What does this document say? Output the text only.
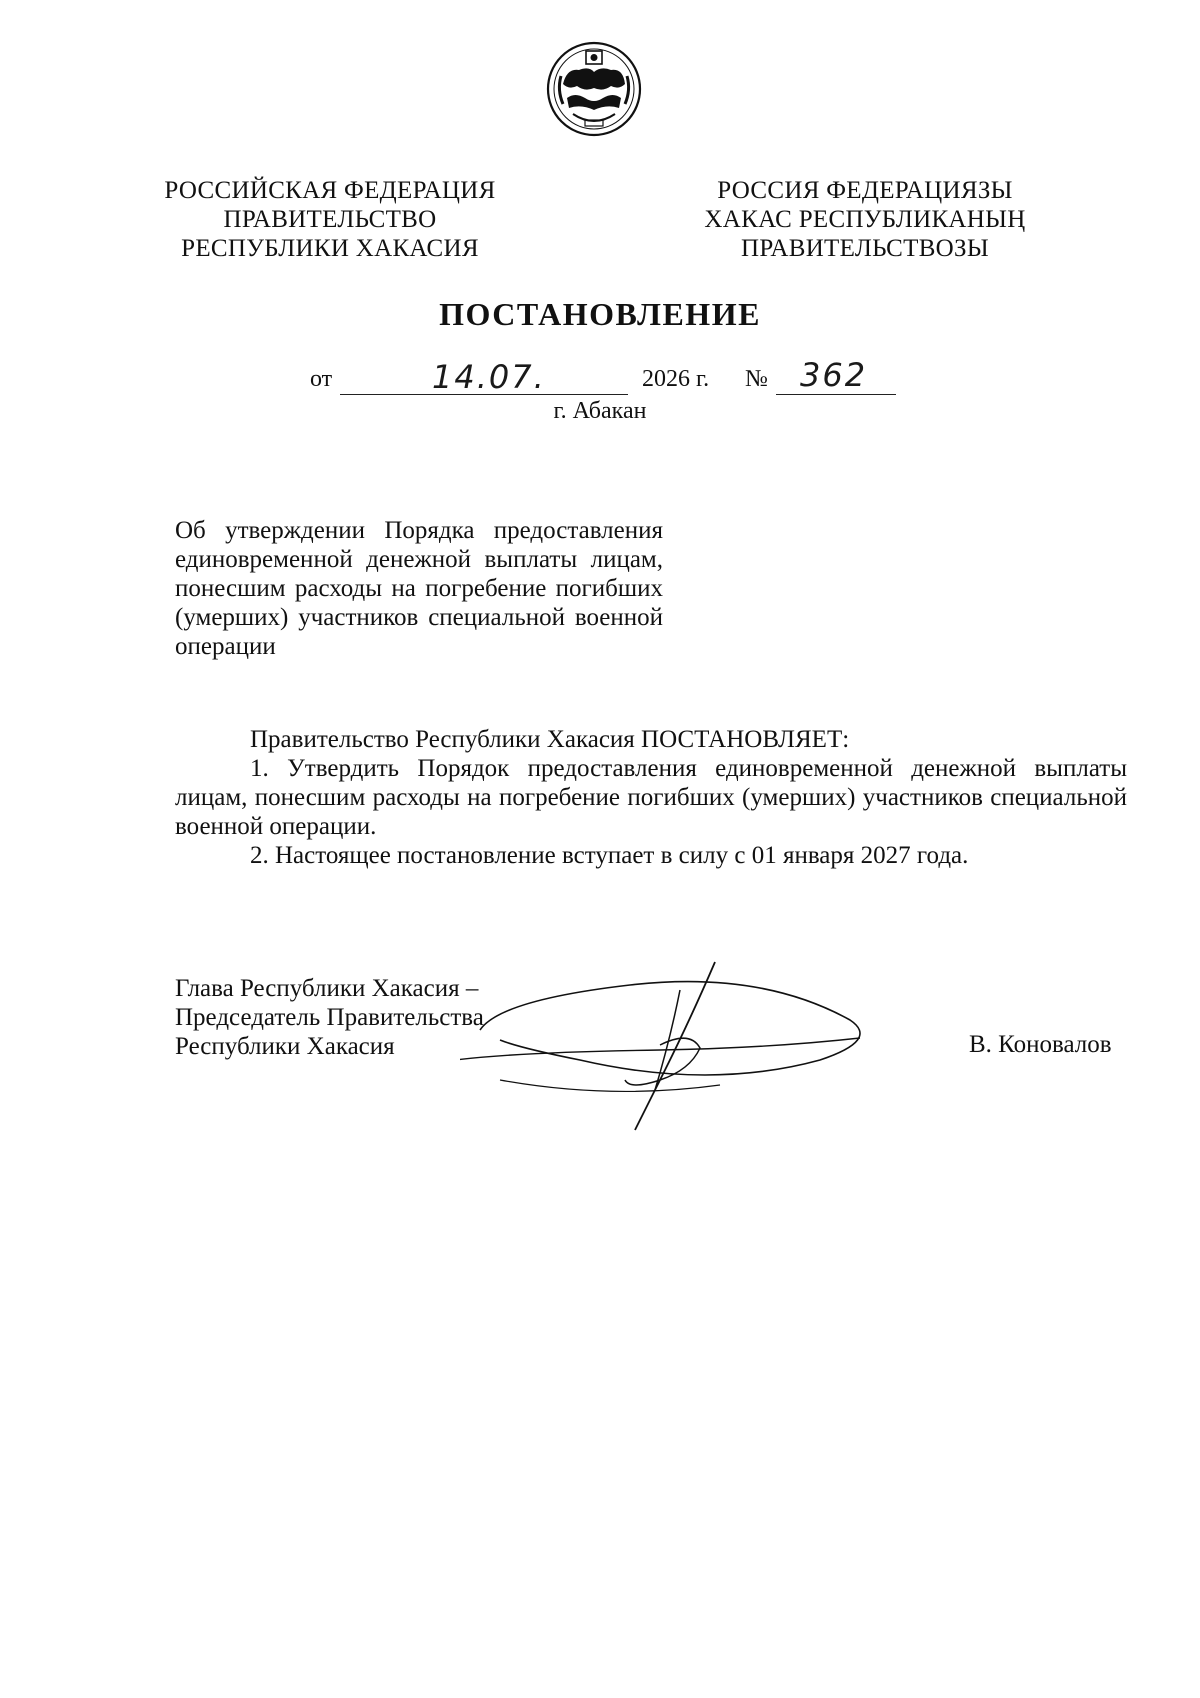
РОССИЙСКАЯ ФЕДЕРАЦИЯ
ПРАВИТЕЛЬСТВО
РЕСПУБЛИКИ ХАКАСИЯ
РОССИЯ ФЕДЕРАЦИЯЗЫ
ХАКАС РЕСПУБЛИКАНЫҢ
ПРАВИТЕЛЬСТВОЗЫ
ПОСТАНОВЛЕНИЕ
от	14.07.	2026 г. № 362
г. Абакан
Об утверждении Порядка предоставления единовременной денежной выплаты лицам, понесшим расходы на погребение погибших (умерших) участников специальной военной операции

Правительство Республики Хакасия ПОСТАНОВЛЯЕТ:

1. Утвердить Порядок предоставления единовременной денежной выплаты лицам, понесшим расходы на погребение погибших (умерших) участников специальной военной операции.

2. Настоящее постановление вступает в силу с 01 января 2027 года.

Глава Республики Хакасия –
Председатель Правительства
Республики Хакасия	В. Коновалов
